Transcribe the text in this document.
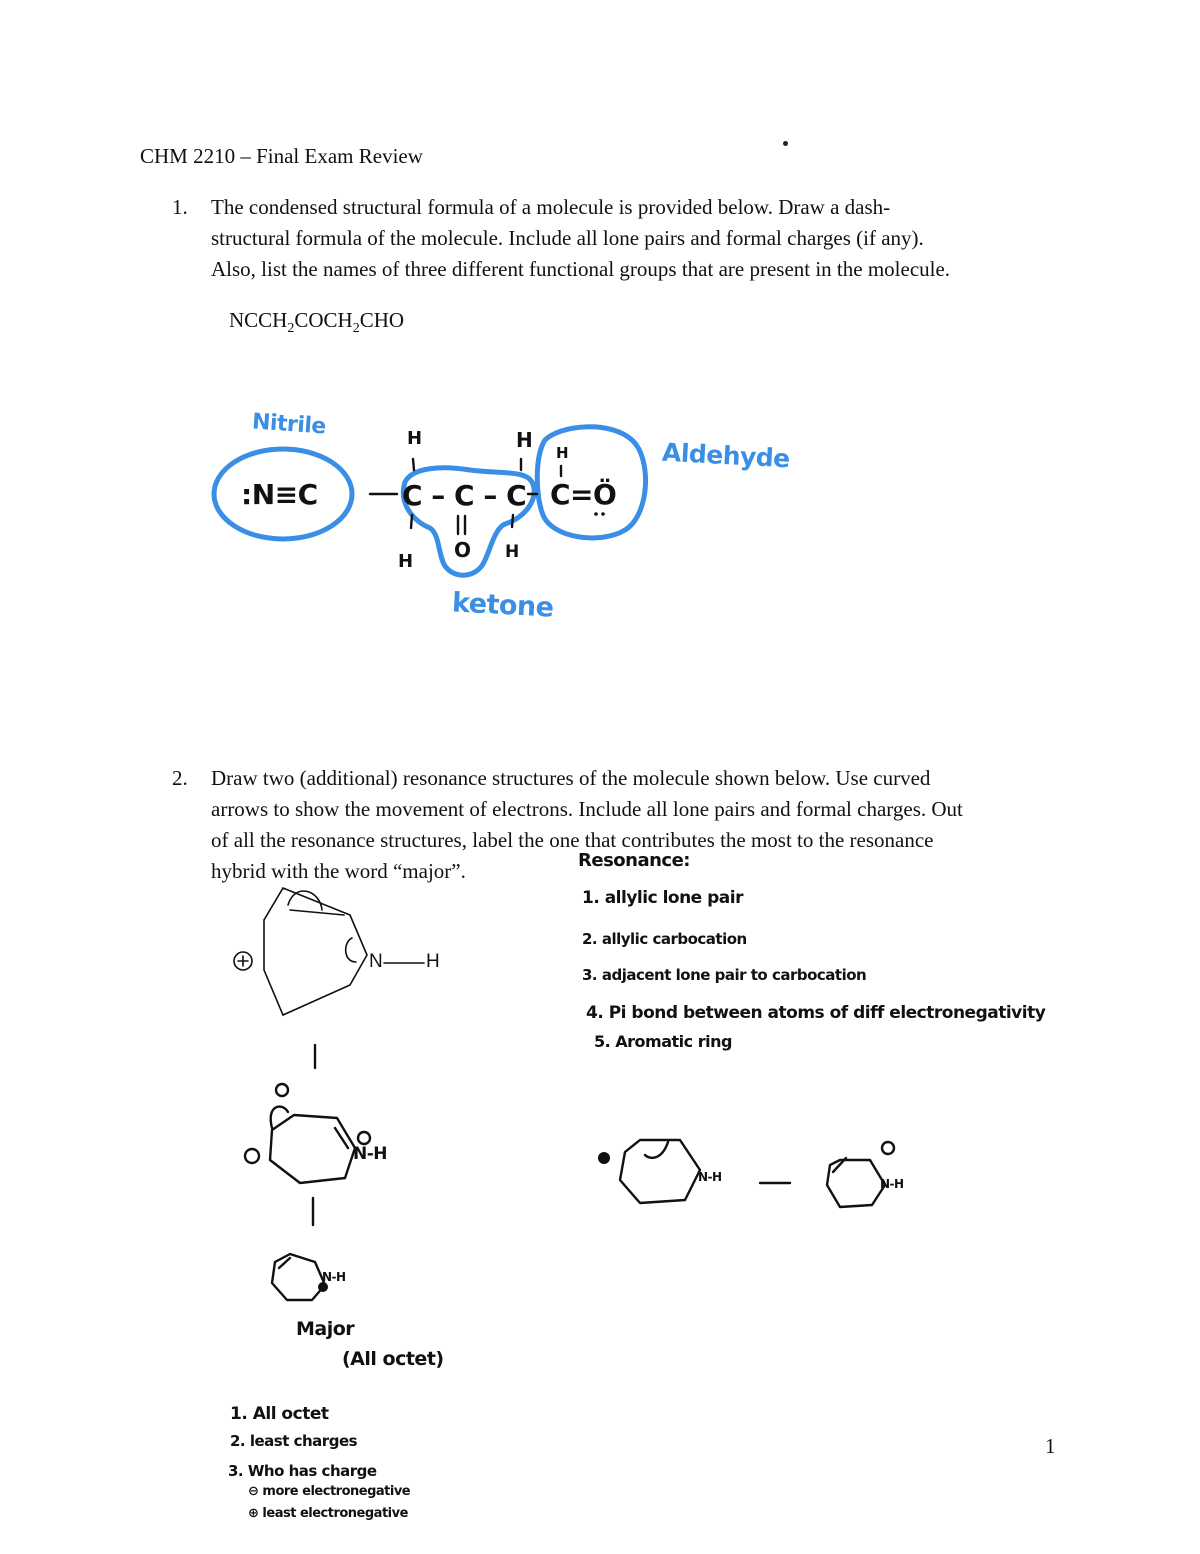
CHM 2210 – Final Exam Review
1. The condensed structural formula of a molecule is provided below. Draw a dash-
structural formula of the molecule. Include all lone pairs and formal charges (if any).
Also, list the names of three different functional groups that are present in the molecule.
$NCCH_2COCH_2CHO$
Nitrile
Aldehyde
ketone
:N≡C	C – C – C C=Ö
O
H	H
H
H	H
2. Draw two (additional) resonance structures of the molecule shown below. Use curved
arrows to show the movement of electrons. Include all lone pairs and formal charges. Out
of all the resonance structures, label the one that contributes the most to the resonance
hybrid with the word “major”.	Resonance:
1. allylic lone pair
2. allylic carbocation
3. adjacent lone pair to carbocation
4. Pi bond between atoms of diff electronegativity
5. Aromatic ring
N H
N-H
N-H
N-H	N-H
Major
(All octet)
1. All octet
2. least charges
3. Who has charge
⊖ more electronegative
⊕ least electronegative
1
